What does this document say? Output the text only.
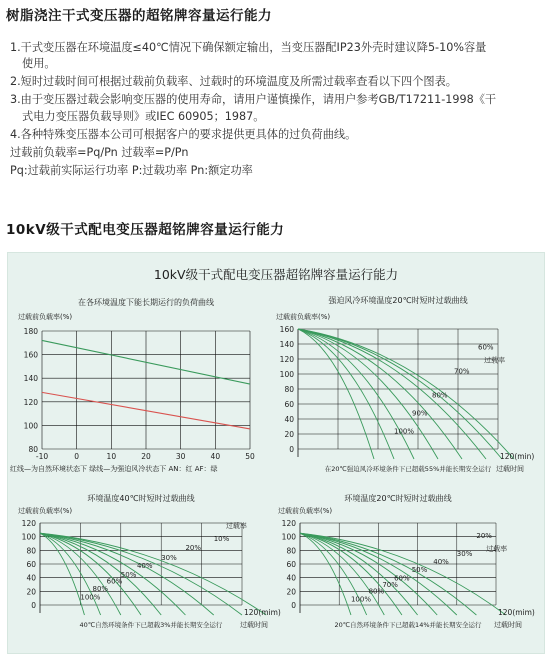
树脂浇注干式变压器的超铭牌容量运行能力
1.干式变压器在环境温度≤40℃情况下确保额定输出，当变压器配IP23外壳时建议降5-10%容量
使用。
2.短时过载时间可根据过载前负载率、过载时的环境温度及所需过载率查看以下四个图表。
3.由于变压器过载会影响变压器的使用寿命，请用户谨慎操作，请用户参考GB/T17211-1998《干
式电力变压器负载导则》或IEC 60905；1987。
4.各种特殊变压器本公司可根据客户的要求提供更具体的过负荷曲线。
过载前负载率=Pq/Pn 过载率=P/Pn
Pq:过载前实际运行功率 P:过载功率 Pn:额定功率
10kV级干式配电变压器超铭牌容量运行能力
10kV级干式配电变压器超铭牌容量运行能力
在各环境温度下能长期运行的负荷曲线
过载前负载率(%)
-10	0	10	20	30	40	50
80
100
120
140
160
180
红线—为自然环境状态下 绿线—为强迫风冷状态下 AN：红 AF：绿
强迫风冷环境温度20℃时短时过载曲线
过载前负载率(%)
0
20
40
60
80
100
120
140
160
60%
过载率
70%
80%
90%
100%
120(min)
在20℃强迫风冷环境条件下已超载55%并能长期安全运行 过载时间
环境温度40℃时短时过载曲线
过载前负载率(%)
0
20
40
60
80
100
120	过载率
10%
20%
30%
40%
50%
60%
80%
100%
120(mim)
40℃自然环境条件下已超载3%并能长期安全运行	过载时间
环境温度20℃时短时过载曲线
过载前负载率(%)
0
20
40
60
80
100
120
20%
过载率
30%
40%
50%
60%
70%
80%
100%
120(mim)
20℃自然环境条件下已超载14%并能长期安全运行 过载时间
